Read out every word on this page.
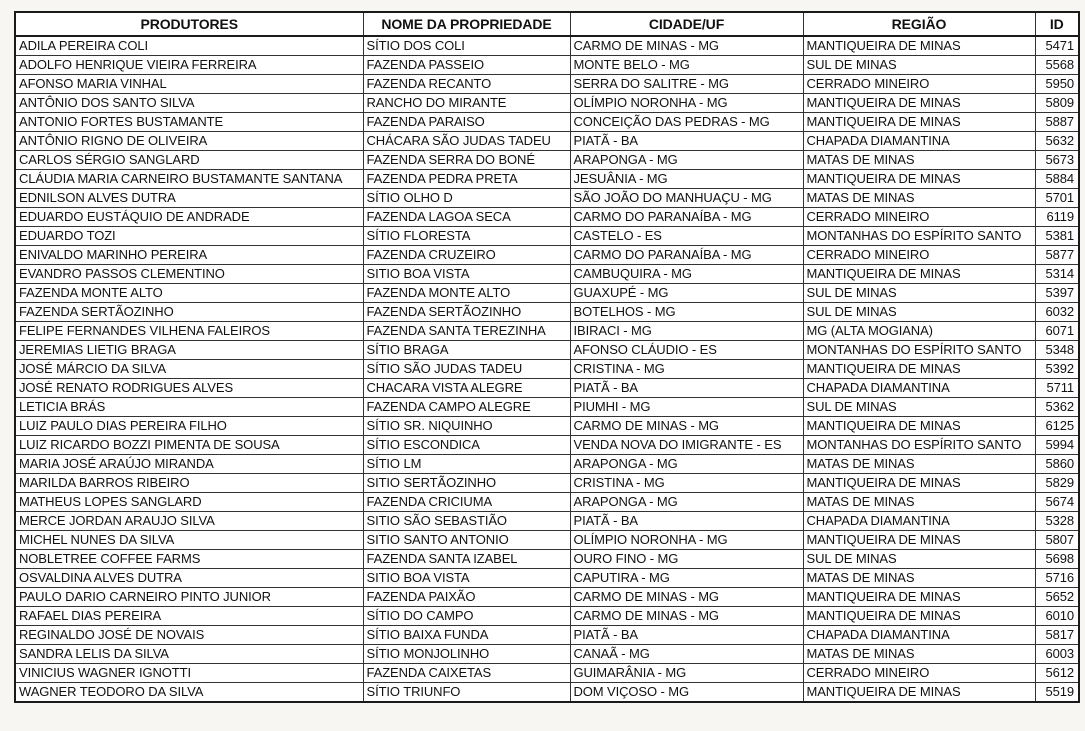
PRODUTORES	NOME DA PROPRIEDADE	CIDADE/UF	REGIÃO	ID
ADILA PEREIRA COLI	SÍTIO DOS COLI	CARMO DE MINAS - MG	MANTIQUEIRA DE MINAS	5471
ADOLFO HENRIQUE VIEIRA FERREIRA	FAZENDA PASSEIO	MONTE BELO - MG	SUL DE MINAS	5568
AFONSO MARIA VINHAL	FAZENDA RECANTO	SERRA DO SALITRE - MG	CERRADO MINEIRO	5950
ANTÔNIO DOS SANTO SILVA	RANCHO DO MIRANTE	OLÍMPIO NORONHA - MG	MANTIQUEIRA DE MINAS	5809
ANTONIO FORTES BUSTAMANTE	FAZENDA PARAISO	CONCEIÇÃO DAS PEDRAS - MG	MANTIQUEIRA DE MINAS	5887
ANTÔNIO RIGNO DE OLIVEIRA	CHÁCARA SÃO JUDAS TADEU	PIATÃ - BA	CHAPADA DIAMANTINA	5632
CARLOS SÉRGIO SANGLARD	FAZENDA SERRA DO BONÉ	ARAPONGA - MG	MATAS DE MINAS	5673
CLÁUDIA MARIA CARNEIRO BUSTAMANTE SANTANA	FAZENDA PEDRA PRETA	JESUÂNIA - MG	MANTIQUEIRA DE MINAS	5884
EDNILSON ALVES DUTRA	SÍTIO OLHO D	SÃO JOÃO DO MANHUAÇU - MG	MATAS DE MINAS	5701
EDUARDO EUSTÁQUIO DE ANDRADE	FAZENDA LAGOA SECA	CARMO DO PARANAÍBA - MG	CERRADO MINEIRO	6119
EDUARDO TOZI	SÍTIO FLORESTA	CASTELO - ES	MONTANHAS DO ESPÍRITO SANTO	5381
ENIVALDO MARINHO PEREIRA	FAZENDA CRUZEIRO	CARMO DO PARANAÍBA - MG	CERRADO MINEIRO	5877
EVANDRO PASSOS CLEMENTINO	SITIO BOA VISTA	CAMBUQUIRA - MG	MANTIQUEIRA DE MINAS	5314
FAZENDA MONTE ALTO	FAZENDA MONTE ALTO	GUAXUPÉ - MG	SUL DE MINAS	5397
FAZENDA SERTÃOZINHO	FAZENDA SERTÃOZINHO	BOTELHOS - MG	SUL DE MINAS	6032
FELIPE FERNANDES VILHENA FALEIROS	FAZENDA SANTA TEREZINHA	IBIRACI - MG	MG (ALTA MOGIANA)	6071
JEREMIAS LIETIG BRAGA	SÍTIO BRAGA	AFONSO CLÁUDIO - ES	MONTANHAS DO ESPÍRITO SANTO	5348
JOSÉ MÁRCIO DA SILVA	SÍTIO SÃO JUDAS TADEU	CRISTINA - MG	MANTIQUEIRA DE MINAS	5392
JOSÉ RENATO RODRIGUES ALVES	CHACARA VISTA ALEGRE	PIATÃ - BA	CHAPADA DIAMANTINA	5711
LETICIA BRÁS	FAZENDA CAMPO ALEGRE	PIUMHI - MG	SUL DE MINAS	5362
LUIZ PAULO DIAS PEREIRA FILHO	SÍTIO SR. NIQUINHO	CARMO DE MINAS - MG	MANTIQUEIRA DE MINAS	6125
LUIZ RICARDO BOZZI PIMENTA DE SOUSA	SÍTIO ESCONDICA	VENDA NOVA DO IMIGRANTE - ES	MONTANHAS DO ESPÍRITO SANTO	5994
MARIA JOSÉ ARAÚJO MIRANDA	SÍTIO LM	ARAPONGA - MG	MATAS DE MINAS	5860
MARILDA BARROS RIBEIRO	SITIO SERTÃOZINHO	CRISTINA - MG	MANTIQUEIRA DE MINAS	5829
MATHEUS LOPES SANGLARD	FAZENDA CRICIUMA	ARAPONGA - MG	MATAS DE MINAS	5674
MERCE JORDAN ARAUJO SILVA	SITIO SÃO SEBASTIÃO	PIATÃ - BA	CHAPADA DIAMANTINA	5328
MICHEL NUNES DA SILVA	SITIO SANTO ANTONIO	OLÍMPIO NORONHA - MG	MANTIQUEIRA DE MINAS	5807
NOBLETREE COFFEE FARMS	FAZENDA SANTA IZABEL	OURO FINO - MG	SUL DE MINAS	5698
OSVALDINA ALVES DUTRA	SITIO BOA VISTA	CAPUTIRA - MG	MATAS DE MINAS	5716
PAULO DARIO CARNEIRO PINTO JUNIOR	FAZENDA PAIXÃO	CARMO DE MINAS - MG	MANTIQUEIRA DE MINAS	5652
RAFAEL DIAS PEREIRA	SÍTIO DO CAMPO	CARMO DE MINAS - MG	MANTIQUEIRA DE MINAS	6010
REGINALDO JOSÉ DE NOVAIS	SÍTIO BAIXA FUNDA	PIATÃ - BA	CHAPADA DIAMANTINA	5817
SANDRA LELIS DA SILVA	SÍTIO MONJOLINHO	CANAÃ - MG	MATAS DE MINAS	6003
VINICIUS WAGNER IGNOTTI	FAZENDA CAIXETAS	GUIMARÂNIA - MG	CERRADO MINEIRO	5612
WAGNER TEODORO DA SILVA	SÍTIO TRIUNFO	DOM VIÇOSO - MG	MANTIQUEIRA DE MINAS	5519
